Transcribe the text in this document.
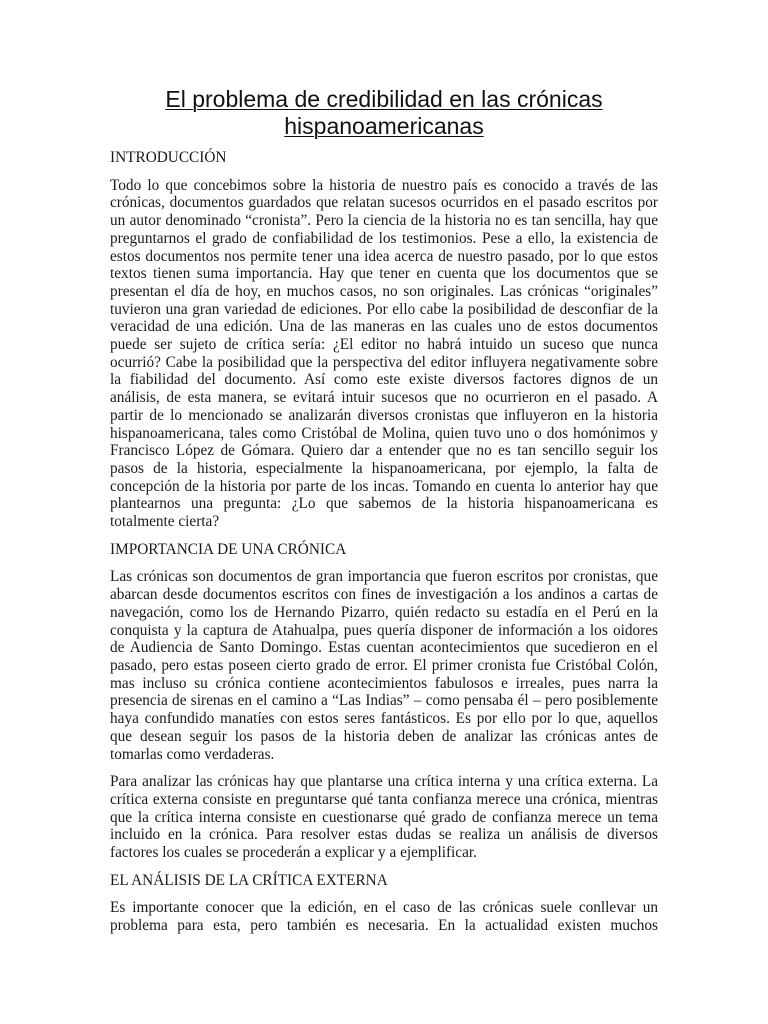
El problema de credibilidad en las crónicas hispanoamericanas
INTRODUCCIÓN
Todo lo que concebimos sobre la historia de nuestro país es conocido a través de las
crónicas, documentos guardados que relatan sucesos ocurridos en el pasado escritos por
un autor denominado “cronista”. Pero la ciencia de la historia no es tan sencilla, hay que
preguntarnos el grado de confiabilidad de los testimonios. Pese a ello, la existencia de
estos documentos nos permite tener una idea acerca de nuestro pasado, por lo que estos
textos tienen suma importancia. Hay que tener en cuenta que los documentos que se
presentan el día de hoy, en muchos casos, no son originales. Las crónicas “originales”
tuvieron una gran variedad de ediciones. Por ello cabe la posibilidad de desconfiar de la
veracidad de una edición. Una de las maneras en las cuales uno de estos documentos
puede ser sujeto de crítica sería: ¿El editor no habrá intuido un suceso que nunca
ocurrió? Cabe la posibilidad que la perspectiva del editor influyera negativamente sobre
la fiabilidad del documento. Así como este existe diversos factores dignos de un
análisis, de esta manera, se evitará intuir sucesos que no ocurrieron en el pasado. A
partir de lo mencionado se analizarán diversos cronistas que influyeron en la historia
hispanoamericana, tales como Cristóbal de Molina, quien tuvo uno o dos homónimos y
Francisco López de Gómara. Quiero dar a entender que no es tan sencillo seguir los
pasos de la historia, especialmente la hispanoamericana, por ejemplo, la falta de
concepción de la historia por parte de los incas. Tomando en cuenta lo anterior hay que
plantearnos una pregunta: ¿Lo que sabemos de la historia hispanoamericana es
totalmente cierta?
IMPORTANCIA DE UNA CRÓNICA
Las crónicas son documentos de gran importancia que fueron escritos por cronistas, que
abarcan desde documentos escritos con fines de investigación a los andinos a cartas de
navegación, como los de Hernando Pizarro, quién redacto su estadía en el Perú en la
conquista y la captura de Atahualpa, pues quería disponer de información a los oidores
de Audiencia de Santo Domingo. Estas cuentan acontecimientos que sucedieron en el
pasado, pero estas poseen cierto grado de error. El primer cronista fue Cristóbal Colón,
mas incluso su crónica contiene acontecimientos fabulosos e irreales, pues narra la
presencia de sirenas en el camino a “Las Indias” – como pensaba él – pero posiblemente
haya confundido manatíes con estos seres fantásticos. Es por ello por lo que, aquellos
que desean seguir los pasos de la historia deben de analizar las crónicas antes de
tomarlas como verdaderas.
Para analizar las crónicas hay que plantarse una crítica interna y una crítica externa. La
crítica externa consiste en preguntarse qué tanta confianza merece una crónica, mientras
que la crítica interna consiste en cuestionarse qué grado de confianza merece un tema
incluido en la crónica. Para resolver estas dudas se realiza un análisis de diversos
factores los cuales se procederán a explicar y a ejemplificar.
EL ANÁLISIS DE LA CRÍTICA EXTERNA
Es importante conocer que la edición, en el caso de las crónicas suele conllevar un
problema para esta, pero también es necesaria. En la actualidad existen muchos
